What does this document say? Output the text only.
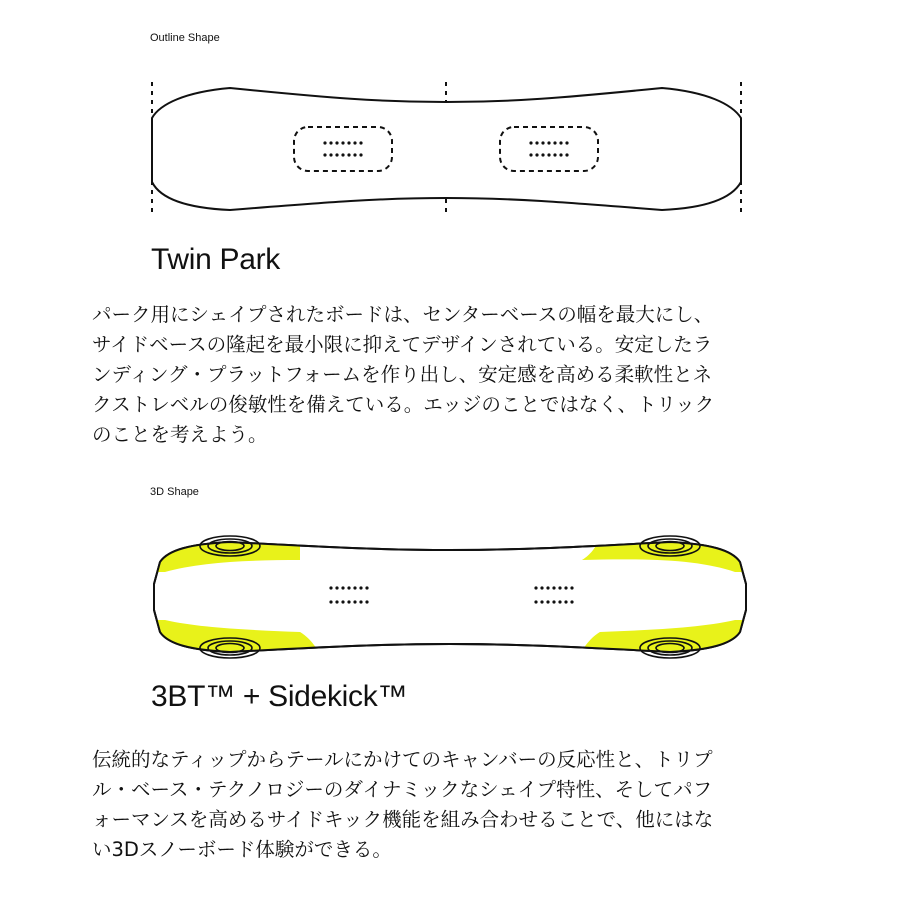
Outline Shape
Twin Park
パーク用にシェイプされたボードは、センターベースの幅を最大にし、
サイドベースの隆起を最小限に抑えてデザインされている。安定したラ
ンディング・プラットフォームを作り出し、安定感を高める柔軟性とネ
クストレベルの俊敏性を備えている。エッジのことではなく、トリック
のことを考えよう。
3D Shape
3BT™ + Sidekick™
伝統的なティップからテールにかけてのキャンバーの反応性と、トリプ
ル・ベース・テクノロジーのダイナミックなシェイプ特性、そしてパフ
ォーマンスを高めるサイドキック機能を組み合わせることで、他にはな
い3Dスノーボード体験ができる。
